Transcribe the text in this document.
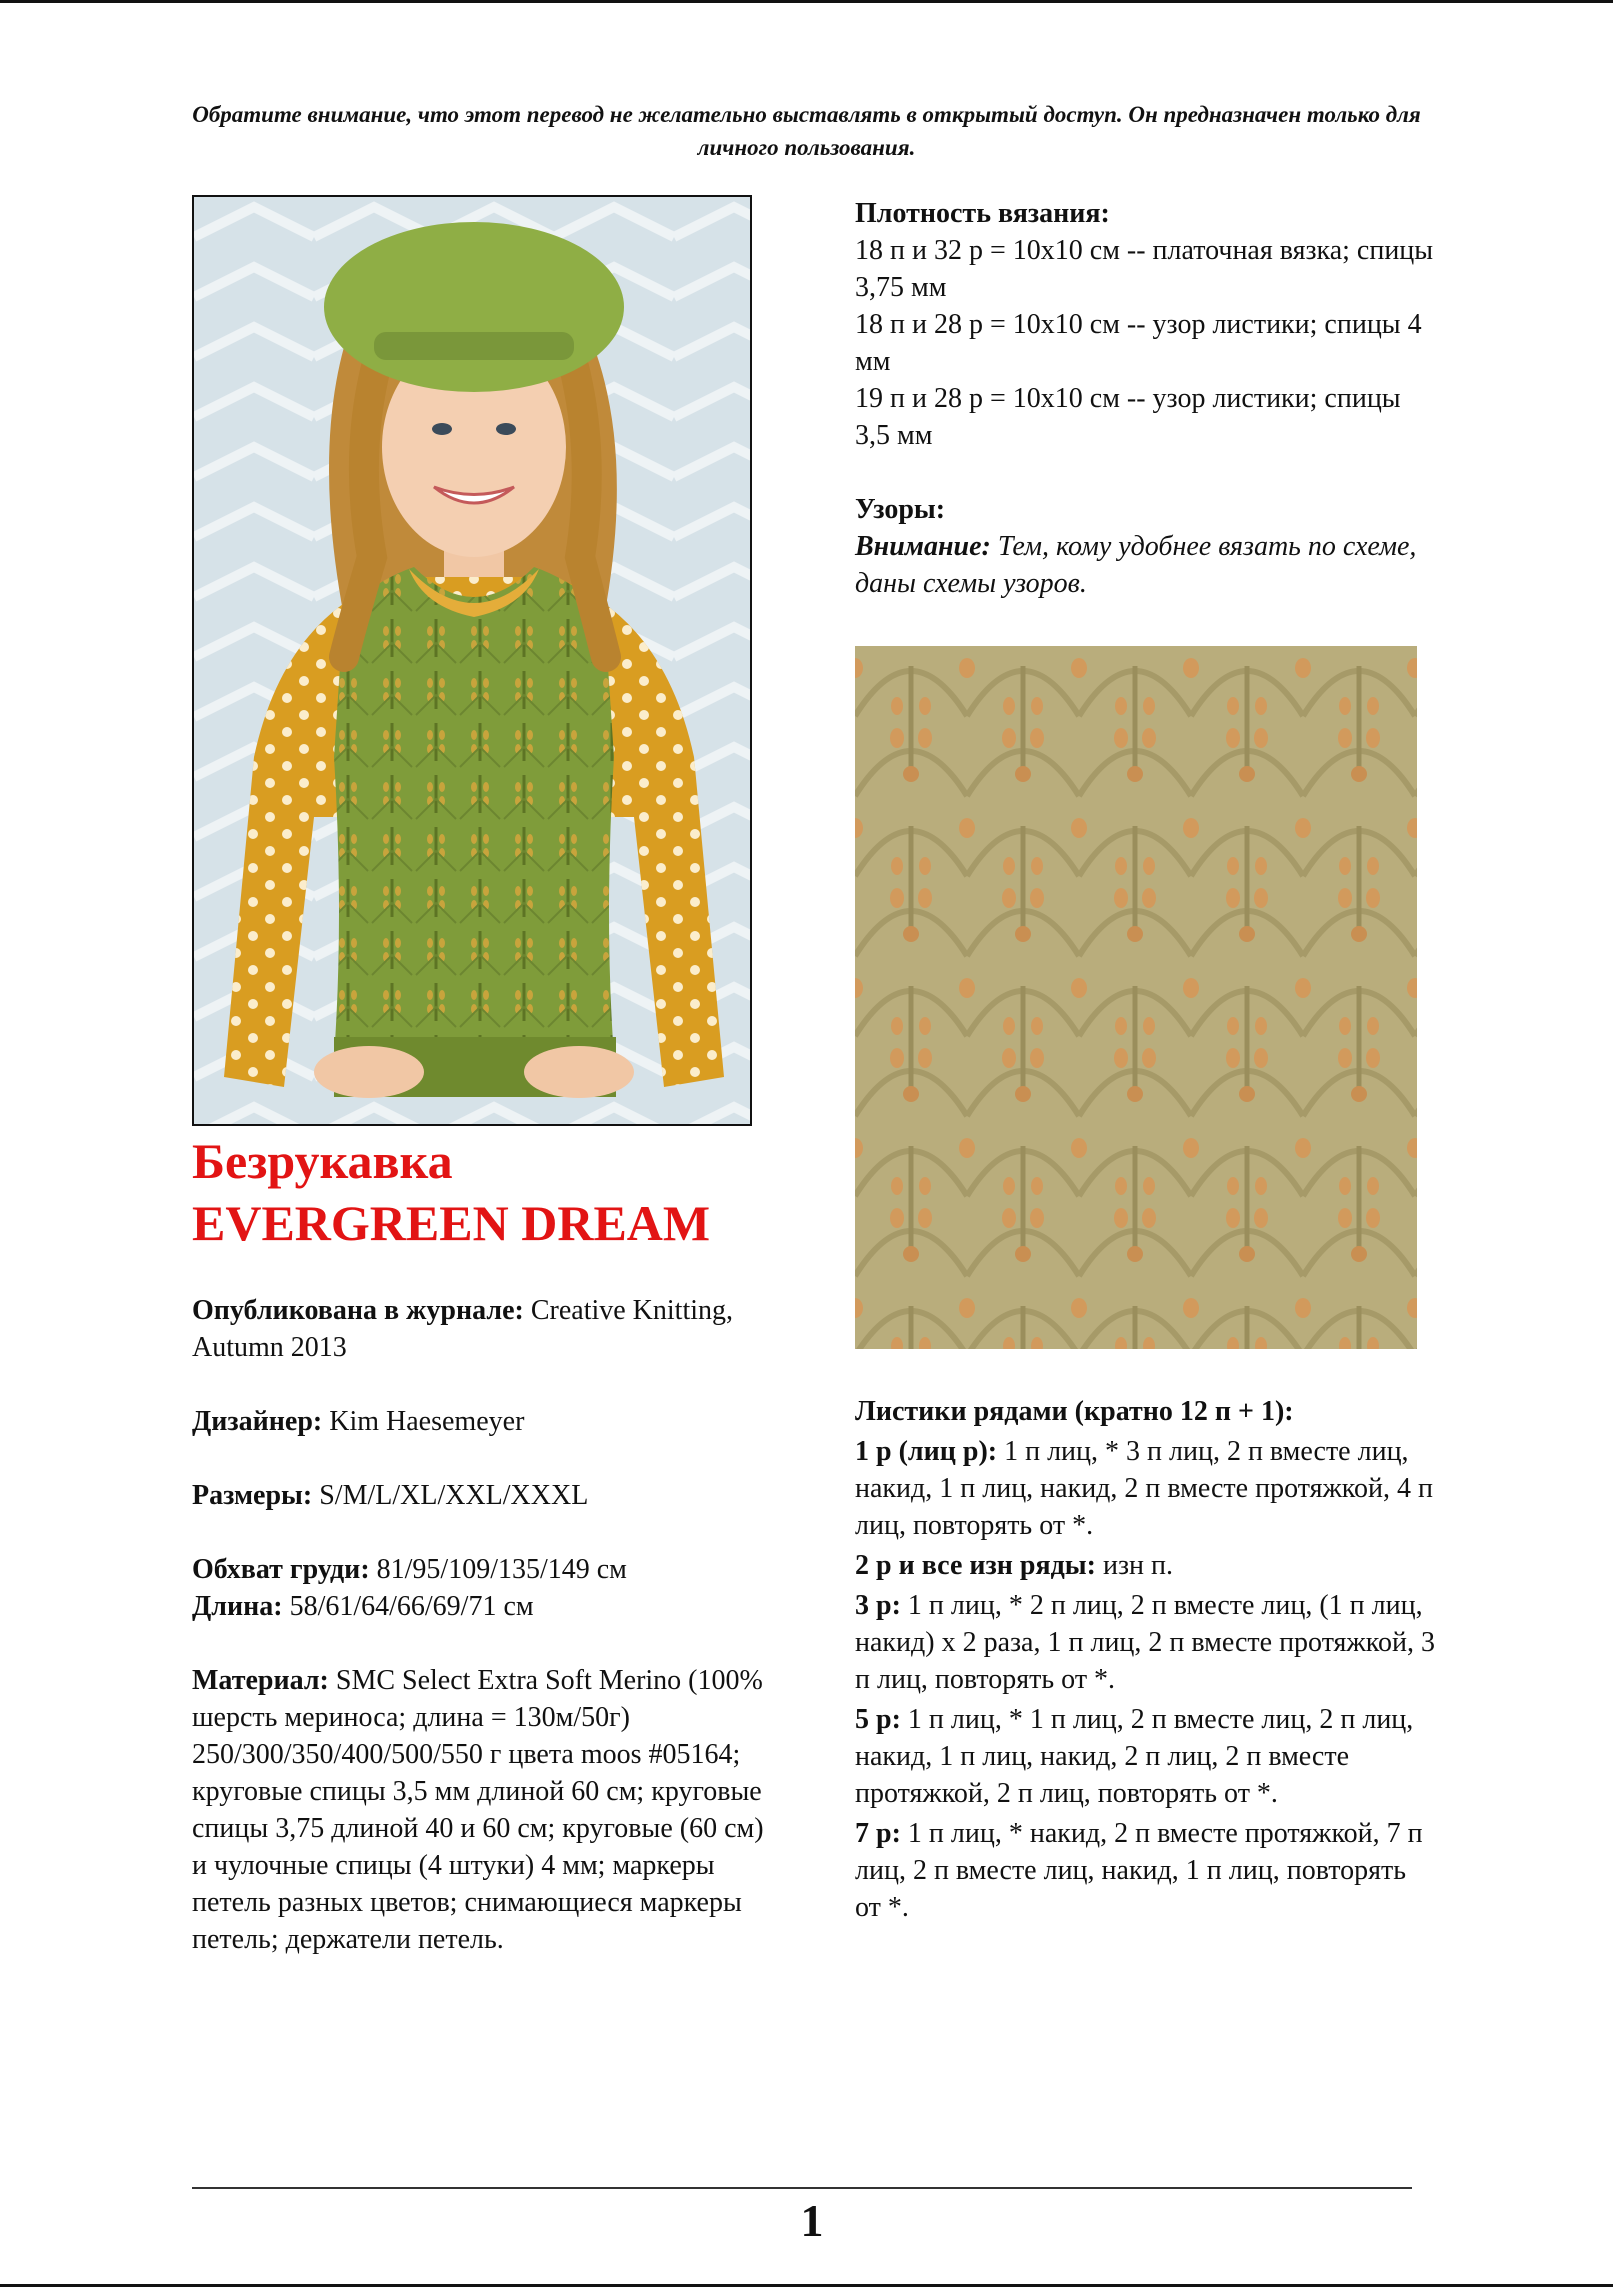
Обратите внимание, что этот перевод не желательно выставлять в открытый доступ. Он предназначен только для личного пользования.
Безрукавка
EVERGREEN DREAM

Опубликована в журнале: Creative Knitting, Autumn 2013

Дизайнер: Kim Haesemeyer

Размеры: S/M/L/XL/XXL/XXXL

Обхват груди: 81/95/109/135/149 см

Длина: 58/61/64/66/69/71 см

Материал: SMC Select Extra Soft Merino (100% шерсть мериноса; длина = 130м/50г) 250/300/350/400/500/550 г цвета moos #05164; круговые спицы 3,5 мм длиной 60 см; круговые спицы 3,75 длиной 40 и 60 см; круговые (60 см) и чулочные спицы (4 штуки) 4 мм; маркеры петель разных цветов; снимающиеся маркеры петель; держатели петель.

Плотность вязания:

18 п и 32 р = 10х10 см -- платочная вязка; спицы 3,75 мм

18 п и 28 р = 10х10 см -- узор листики; спицы 4 мм

19 п и 28 р = 10х10 см -- узор листики; спицы 3,5 мм

Узоры:

Внимание: Тем, кому удобнее вязать по схеме, даны схемы узоров.

Листики рядами (кратно 12 п + 1):

1 р (лиц р): 1 п лиц, * 3 п лиц, 2 п вместе лиц, накид, 1 п лиц, накид, 2 п вместе протяжкой, 4 п лиц, повторять от *.

2 р и все изн ряды: изн п.

3 р: 1 п лиц, * 2 п лиц, 2 п вместе лиц, (1 п лиц, накид) х 2 раза, 1 п лиц, 2 п вместе протяжкой, 3 п лиц, повторять от *.

5 р: 1 п лиц, * 1 п лиц, 2 п вместе лиц, 2 п лиц, накид, 1 п лиц, накид, 2 п лиц, 2 п вместе протяжкой, 2 п лиц, повторять от *.

7 р: 1 п лиц, * накид, 2 п вместе протяжкой, 7 п лиц, 2 п вместе лиц, накид, 1 п лиц, повторять от *.

1
